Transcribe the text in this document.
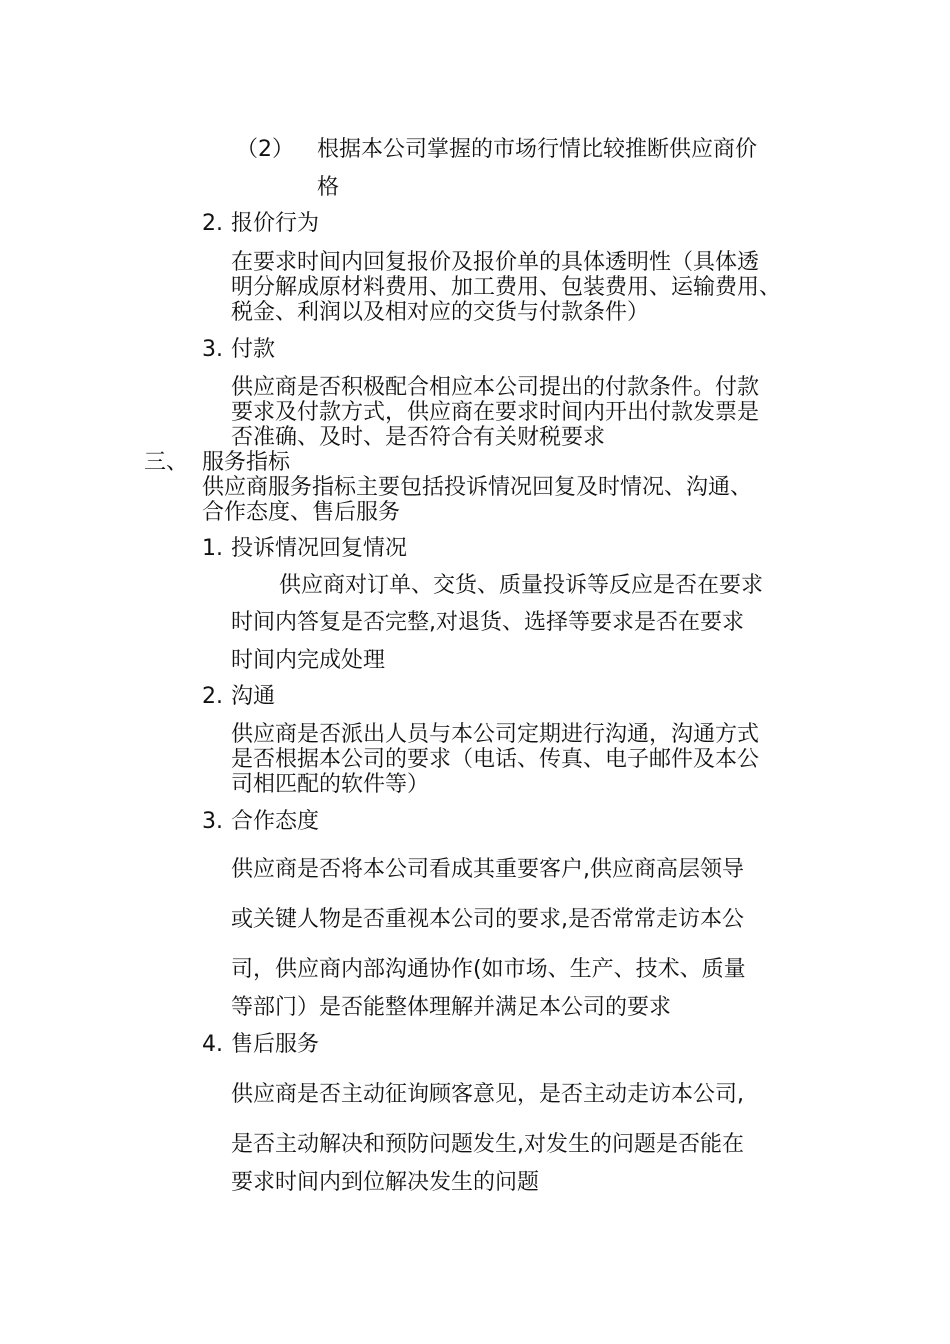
（2） 根据本公司掌握的市场行情比较推断供应商价
格
2. 报价行为
在要求时间内回复报价及报价单的具体透明性（具体透
明分解成原材料费用、加工费用、包装费用、运输费用、
税金、利润以及相对应的交货与付款条件）
3. 付款
供应商是否积极配合相应本公司提出的付款条件。付款
要求及付款方式，供应商在要求时间内开出付款发票是
否准确、及时、是否符合有关财税要求
三、 服务指标
供应商服务指标主要包括投诉情况回复及时情况、沟通、
合作态度、售后服务
1. 投诉情况回复情况
供应商对订单、交货、质量投诉等反应是否在要求
时间内答复是否完整,对退货、选择等要求是否在要求
时间内完成处理
2. 沟通
供应商是否派出人员与本公司定期进行沟通，沟通方式
是否根据本公司的要求（电话、传真、电子邮件及本公
司相匹配的软件等）
3. 合作态度
供应商是否将本公司看成其重要客户,供应商高层领导
或关键人物是否重视本公司的要求,是否常常走访本公
司，供应商内部沟通协作(如市场、生产、技术、质量
等部门）是否能整体理解并满足本公司的要求
4. 售后服务
供应商是否主动征询顾客意见，是否主动走访本公司,
是否主动解决和预防问题发生,对发生的问题是否能在
要求时间内到位解决发生的问题
